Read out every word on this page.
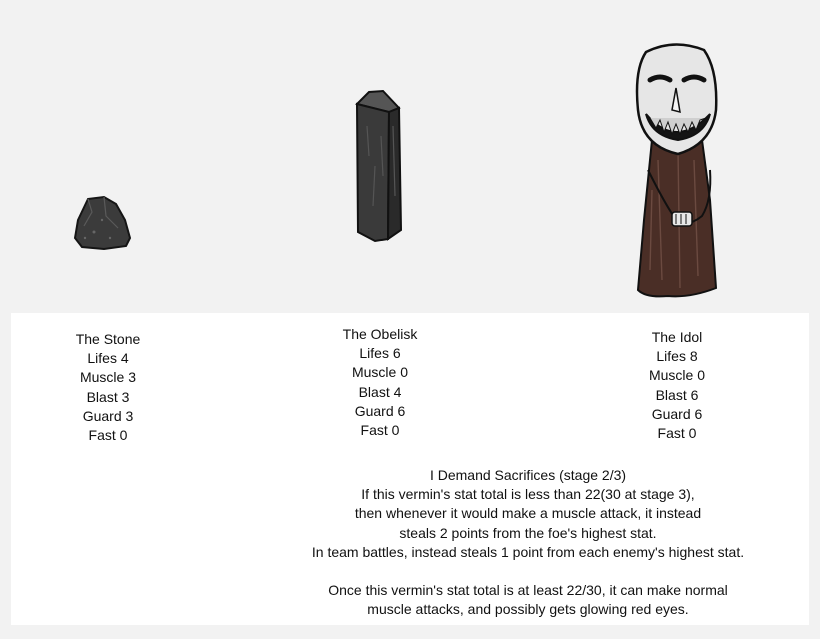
The Stone
Lifes 4
Muscle 3
Blast 3
Guard 3
Fast 0
The Obelisk
Lifes 6
Muscle 0
Blast 4
Guard 6
Fast 0
The Idol
Lifes 8
Muscle 0
Blast 6
Guard 6
Fast 0
I Demand Sacrifices (stage 2/3)
If this vermin's stat total is less than 22(30 at stage 3),
then whenever it would make a muscle attack, it instead
steals 2 points from the foe's highest stat.
In team battles, instead steals 1 point from each enemy's highest stat.
Once this vermin's stat total is at least 22/30, it can make normal
muscle attacks, and possibly gets glowing red eyes.
